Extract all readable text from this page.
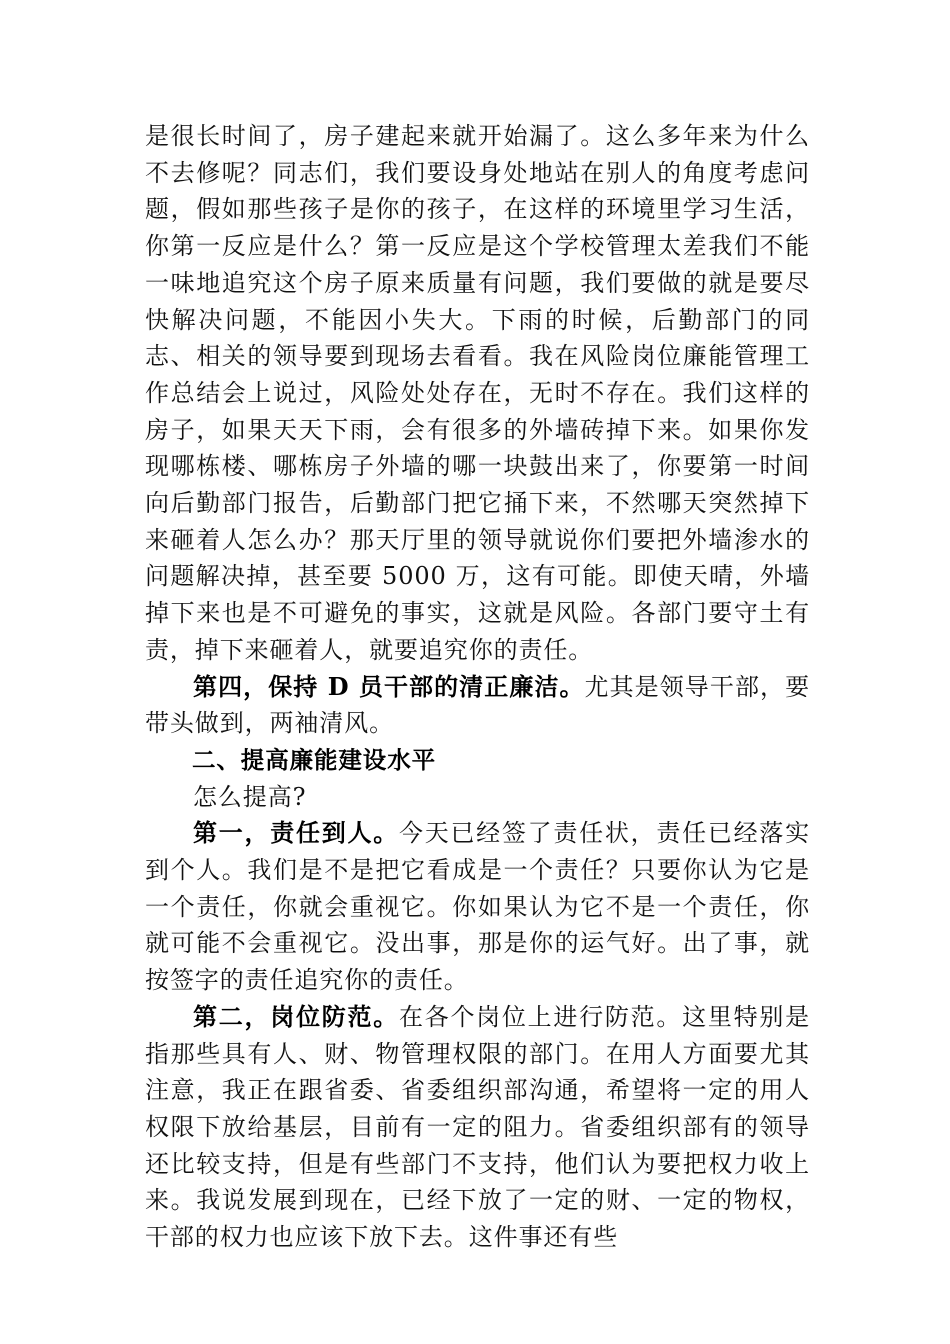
是很长时间了，房子建起来就开始漏了。这么多年来为什么不去修呢？同志们，我们要设身处地站在别人的角度考虑问题，假如那些孩子是你的孩子，在这样的环境里学习生活，你第一反应是什么？第一反应是这个学校管理太差我们不能一味地追究这个房子原来质量有问题，我们要做的就是要尽快解决问题，不能因小失大。下雨的时候，后勤部门的同志、相关的领导要到现场去看看。我在风险岗位廉能管理工作总结会上说过，风险处处存在，无时不存在。我们这样的房子，如果天天下雨，会有很多的外墙砖掉下来。如果你发现哪栋楼、哪栋房子外墙的哪一块鼓出来了，你要第一时间向后勤部门报告，后勤部门把它捅下来，不然哪天突然掉下来砸着人怎么办？那天厅里的领导就说你们要把外墙渗水的问题解决掉，甚至要 5000 万，这有可能。即使天晴，外墙掉下来也是不可避免的事实，这就是风险。各部门要守土有责，掉下来砸着人，就要追究你的责任。

第四，保持 D 员干部的清正廉洁。尤其是领导干部，要带头做到，两袖清风。

二、提高廉能建设水平

怎么提高?

第一，责任到人。今天已经签了责任状，责任已经落实到个人。我们是不是把它看成是一个责任？只要你认为它是一个责任，你就会重视它。你如果认为它不是一个责任，你就可能不会重视它。没出事，那是你的运气好。出了事，就按签字的责任追究你的责任。

第二，岗位防范。在各个岗位上进行防范。这里特别是指那些具有人、财、物管理权限的部门。在用人方面要尤其注意，我正在跟省委、省委组织部沟通，希望将一定的用人权限下放给基层，目前有一定的阻力。省委组织部有的领导还比较支持，但是有些部门不支持，他们认为要把权力收上来。我说发展到现在，已经下放了一定的财、一定的物权，干部的权力也应该下放下去。这件事还有些
